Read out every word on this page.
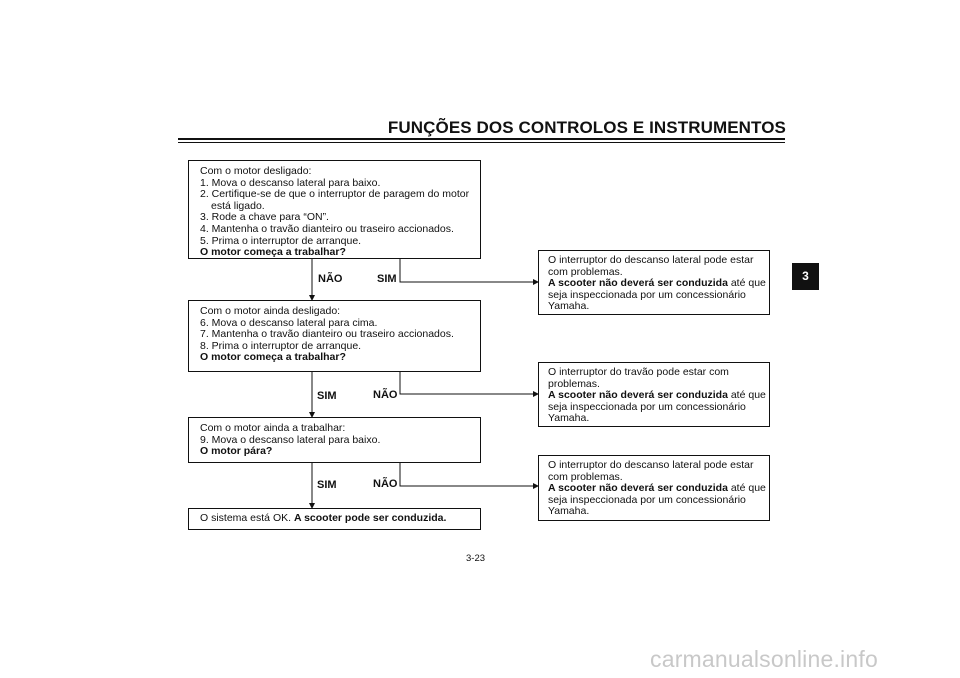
FUNÇÕES DOS CONTROLOS E INSTRUMENTOS
3
Com o motor desligado:
1. Mova o descanso lateral para baixo.
2. Certifique-se de que o interruptor de paragem do motor
está ligado.
3. Rode a chave para “ON”.
4. Mantenha o travão dianteiro ou traseiro accionados.
5. Prima o interruptor de arranque.
O motor começa a trabalhar?
NÃO	SIM
Com o motor ainda desligado:
6. Mova o descanso lateral para cima.
7. Mantenha o travão dianteiro ou traseiro accionados.
8. Prima o interruptor de arranque.
O motor começa a trabalhar?
SIM	NÃO
Com o motor ainda a trabalhar:
9. Mova o descanso lateral para baixo.
O motor pára?
SIM	NÃO
O sistema está OK. A scooter pode ser conduzida.
O interruptor do descanso lateral pode estar
com problemas.
A scooter não deverá ser conduzida até que
seja inspeccionada por um concessionário
Yamaha.
O interruptor do travão pode estar com
problemas.
A scooter não deverá ser conduzida até que
seja inspeccionada por um concessionário
Yamaha.
O interruptor do descanso lateral pode estar
com problemas.
A scooter não deverá ser conduzida até que
seja inspeccionada por um concessionário
Yamaha.
3-23
carmanualsonline.info
